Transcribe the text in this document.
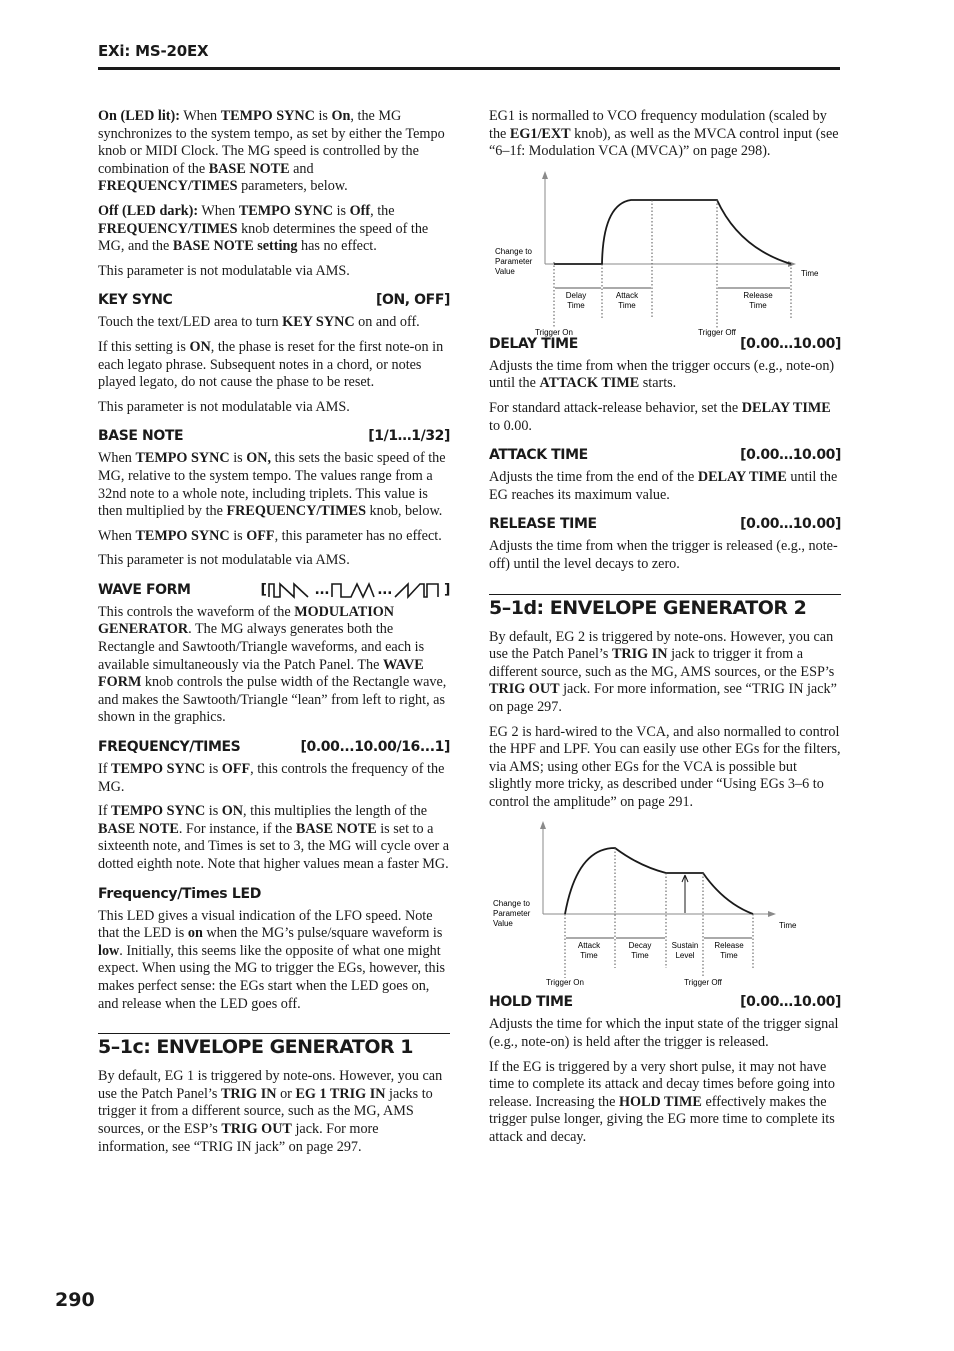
EXi: MS-20EX

On (LED lit): When TEMPO SYNC is On, the MG synchronizes to the system tempo, as set by either the Tempo knob or MIDI Clock. The MG speed is controlled by the combination of the BASE NOTE and FREQUENCY/TIMES parameters, below.

Off (LED dark): When TEMPO SYNC is Off, the FREQUENCY/TIMES knob determines the speed of the MG, and the BASE NOTE setting has no effect.

This parameter is not modulatable via AMS.

KEY SYNC	[ON, OFF]

Touch the text/LED area to turn KEY SYNC on and off.

If this setting is ON, the phase is reset for the first note-on in each legato phrase. Subsequent notes in a chord, or notes played legato, do not cause the phase to be reset.

This parameter is not modulatable via AMS.

BASE NOTE	[1/1…1/32]

When TEMPO SYNC is ON, this sets the basic speed of the MG, relative to the system tempo. The values range from a 32nd note to a whole note, including triplets. This value is then multiplied by the FREQUENCY/TIMES knob, below.

When TEMPO SYNC is OFF, this parameter has no effect.

This parameter is not modulatable via AMS.

WAVE FORM	[	...	...	]

This controls the waveform of the MODULATION GENERATOR. The MG always generates both the Rectangle and Sawtooth/Triangle waveforms, and each is available simultaneously via the Patch Panel. The WAVE FORM knob controls the pulse width of the Rectangle wave, and makes the Sawtooth/Triangle “lean” from left to right, as shown in the graphics.

FREQUENCY/TIMES	[0.00...10.00/16...1]

If TEMPO SYNC is OFF, this controls the frequency of the MG.

If TEMPO SYNC is ON, this multiplies the length of the BASE NOTE. For instance, if the BASE NOTE is set to a sixteenth note, and Times is set to 3, the MG will cycle over a dotted eighth note. Note that higher values mean a faster MG.

Frequency/Times LED

This LED gives a visual indication of the LFO speed. Note that the LED is on when the MG’s pulse/square waveform is low. Initially, this seems like the opposite of what one might expect. When using the MG to trigger the EGs, however, this makes perfect sense: the EGs start when the LED goes on, and release when the LED goes off.

5–1c: ENVELOPE GENERATOR 1

By default, EG 1 is triggered by note-ons. However, you can use the Patch Panel’s TRIG IN or EG 1 TRIG IN jacks to trigger it from a different source, such as the MG, AMS sources, or the ESP’s TRIG OUT jack. For more information, see “TRIG IN jack” on page 297.

EG1 is normalled to VCO frequency modulation (scaled by the EG1/EXT knob), as well as the MVCA control input (see “6–1f: Modulation VCA (MVCA)” on page 298).

Change to
Parameter
Value	Time
Delay
Time
Attack
Time
Release
Time
Trigger On	Trigger Off
DELAY TIME	[0.00…10.00]

Adjusts the time from when the trigger occurs (e.g., note-on) until the ATTACK TIME starts.

For standard attack-release behavior, set the DELAY TIME to 0.00.

ATTACK TIME	[0.00…10.00]

Adjusts the time from the end of the DELAY TIME until the EG reaches its maximum value.

RELEASE TIME	[0.00…10.00]

Adjusts the time from when the trigger is released (e.g., note-off) until the level decays to zero.

5–1d: ENVELOPE GENERATOR 2

By default, EG 2 is triggered by note-ons. However, you can use the Patch Panel’s TRIG IN jack to trigger it from a different source, such as the MG, AMS sources, or the ESP’s TRIG OUT jack. For more information, see “TRIG IN jack” on page 297.

EG 2 is hard-wired to the VCA, and also normalled to control the HPF and LPF. You can easily use other EGs for the filters, via AMS; using other EGs for the VCA is possible but slightly more tricky, as described under “Using EGs 3–6 to control the amplitude” on page 291.

Change to
Parameter
Value	Time
Attack
Time
Decay
Time
Sustain
Level
Release
Time
Trigger On	Trigger Off
HOLD TIME	[0.00…10.00]

Adjusts the time for which the input state of the trigger signal (e.g., note-on) is held after the trigger is released.

If the EG is triggered by a very short pulse, it may not have time to complete its attack and decay times before going into release. Increasing the HOLD TIME effectively makes the trigger pulse longer, giving the EG more time to complete its attack and decay.

290
